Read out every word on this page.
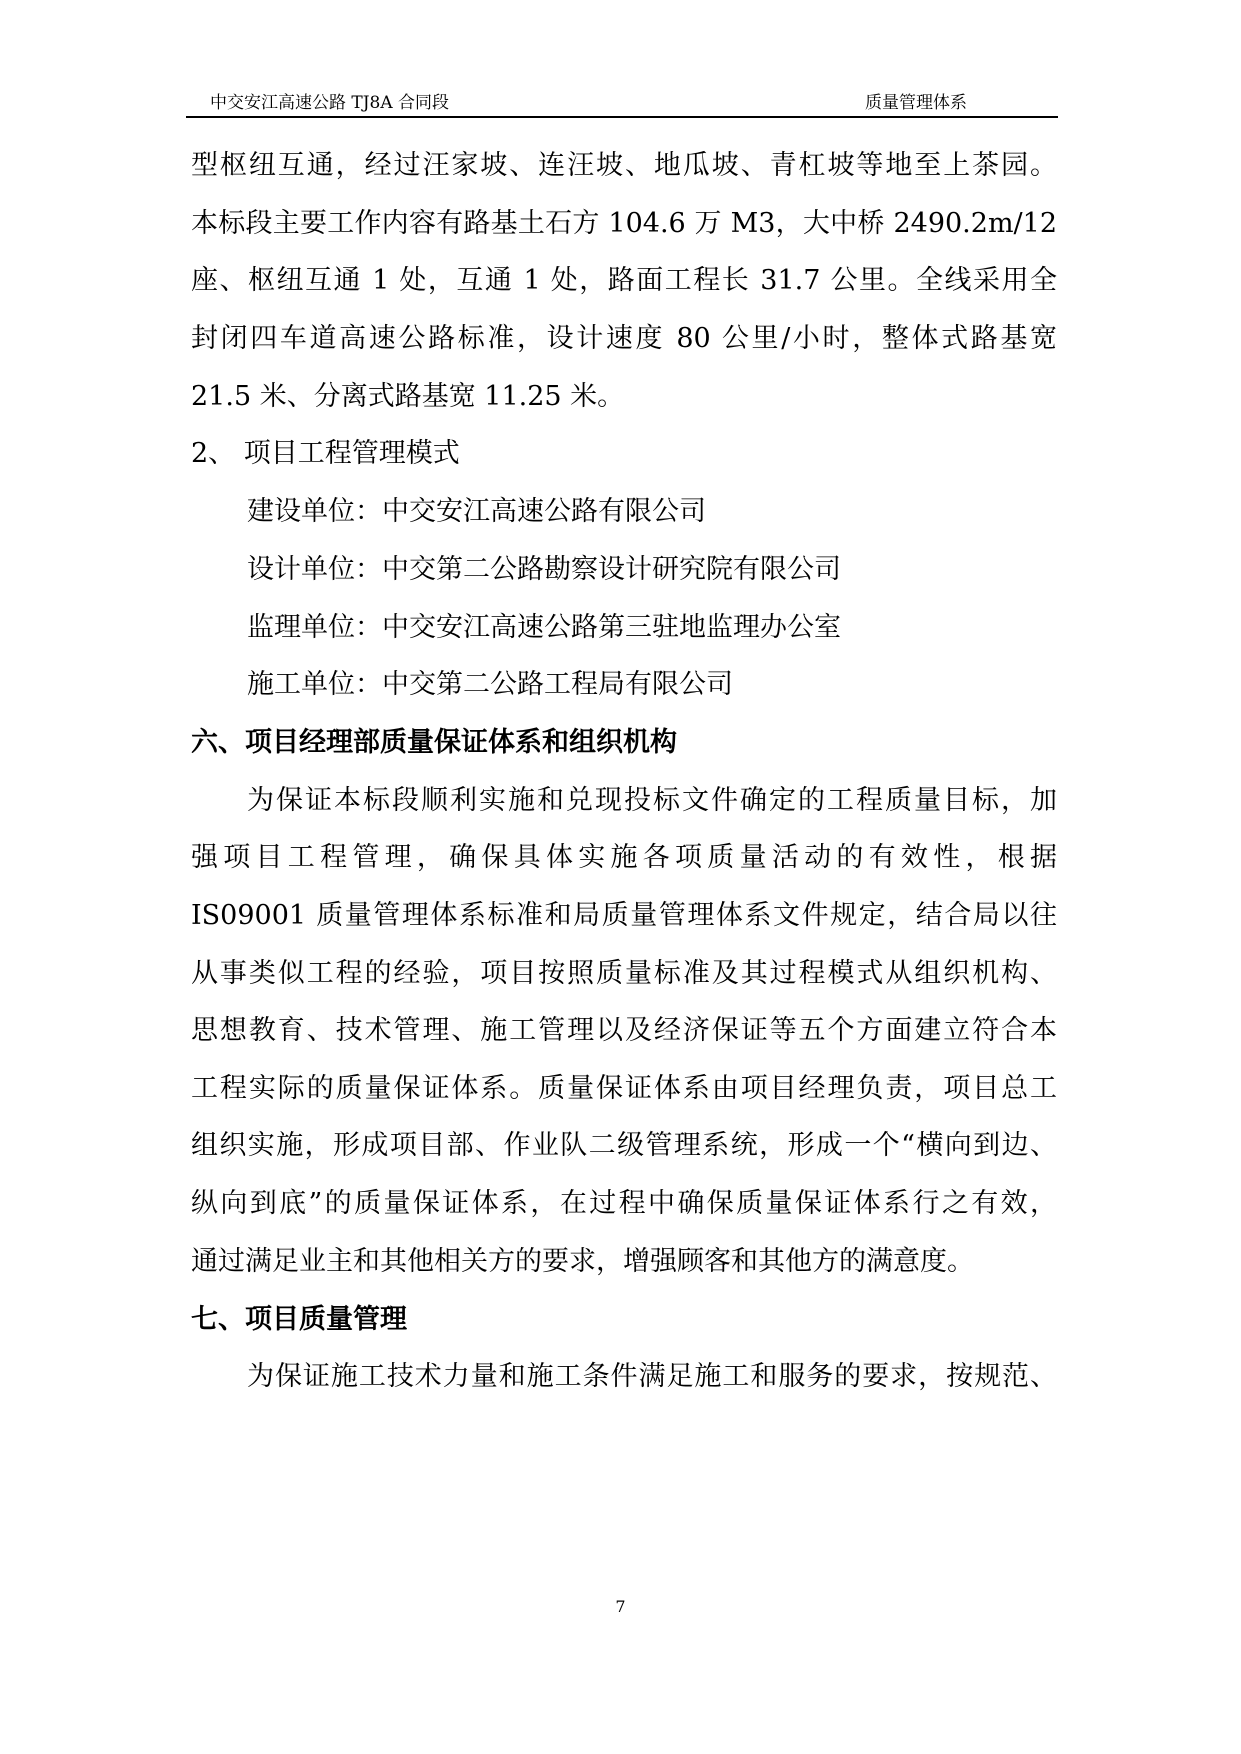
中交安江高速公路 TJ8A 合同段	质量管理体系
型枢纽互通，经过汪家坡、连汪坡、地瓜坡、青杠坡等地至上茶园。
本标段主要工作内容有路基土石方 104.6 万 M3，大中桥 2490.2m/12
座、枢纽互通 1 处，互通 1 处，路面工程长 31.7 公里。全线采用全
封闭四车道高速公路标准，设计速度 80 公里/小时，整体式路基宽
21.5 米、分离式路基宽 11.25 米。
2、 项目工程管理模式
建设单位：中交安江高速公路有限公司
设计单位：中交第二公路勘察设计研究院有限公司
监理单位：中交安江高速公路第三驻地监理办公室
施工单位：中交第二公路工程局有限公司
六、项目经理部质量保证体系和组织机构
为保证本标段顺利实施和兑现投标文件确定的工程质量目标，加
强项目工程管理，确保具体实施各项质量活动的有效性，根据
IS09001 质量管理体系标准和局质量管理体系文件规定，结合局以往
从事类似工程的经验，项目按照质量标准及其过程模式从组织机构、
思想教育、技术管理、施工管理以及经济保证等五个方面建立符合本
工程实际的质量保证体系。质量保证体系由项目经理负责，项目总工
组织实施，形成项目部、作业队二级管理系统，形成一个“横向到边、
纵向到底”的质量保证体系，在过程中确保质量保证体系行之有效，
通过满足业主和其他相关方的要求，增强顾客和其他方的满意度。
七、项目质量管理
为保证施工技术力量和施工条件满足施工和服务的要求，按规范、
7
